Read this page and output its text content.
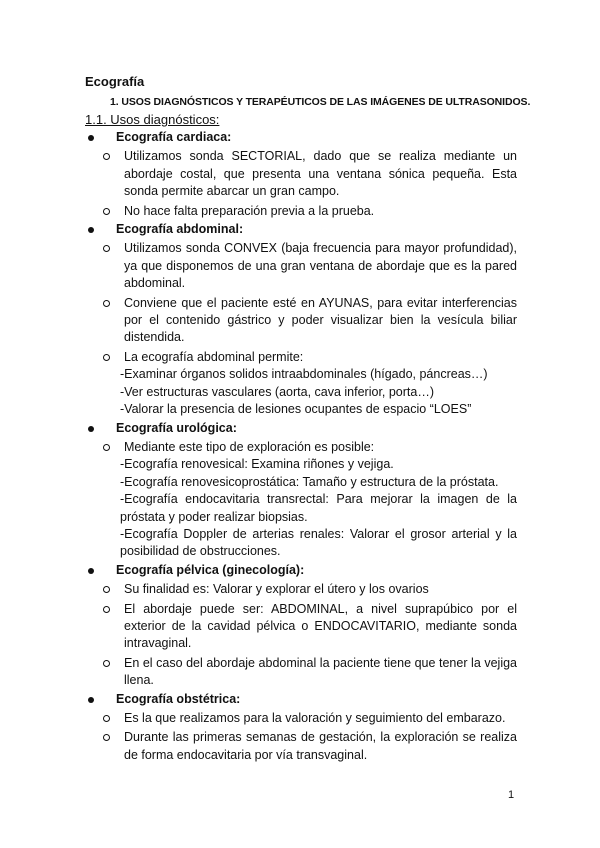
Ecografía
1. USOS DIAGNÓSTICOS Y TERAPÉUTICOS DE LAS IMÁGENES DE ULTRASONIDOS.
1.1. Usos diagnósticos:
Ecografía cardiaca:
Utilizamos sonda SECTORIAL, dado que se realiza mediante un abordaje costal, que presenta una ventana sónica pequeña. Esta sonda permite abarcar un gran campo.
No hace falta preparación previa a la prueba.
Ecografía abdominal:
Utilizamos sonda CONVEX (baja frecuencia para mayor profundidad), ya que disponemos de una gran ventana de abordaje que es la pared abdominal.
Conviene que el paciente esté en AYUNAS, para evitar interferencias por el contenido gástrico y poder visualizar bien la vesícula biliar distendida.
La ecografía abdominal permite:
-Examinar órganos solidos intraabdominales (hígado, páncreas…)
-Ver estructuras vasculares (aorta, cava inferior, porta…)
-Valorar la presencia de lesiones ocupantes de espacio “LOES”
Ecografía urológica:
Mediante este tipo de exploración es posible:
-Ecografía renovesical: Examina riñones y vejiga.
-Ecografía renovesicoprostática: Tamaño y estructura de la próstata.
-Ecografía endocavitaria transrectal: Para mejorar la imagen de la próstata y poder realizar biopsias.
-Ecografía Doppler de arterias renales: Valorar el grosor arterial y la posibilidad de obstrucciones.
Ecografía pélvica (ginecología):
Su finalidad es: Valorar y explorar el útero y los ovarios
El abordaje puede ser: ABDOMINAL, a nivel suprapúbico por el exterior de la cavidad pélvica o ENDOCAVITARIO, mediante sonda intravaginal.
En el caso del abordaje abdominal la paciente tiene que tener la vejiga llena.
Ecografía obstétrica:
Es la que realizamos para la valoración y seguimiento del embarazo.
Durante las primeras semanas de gestación, la exploración se realiza de forma endocavitaria por vía transvaginal.
1
